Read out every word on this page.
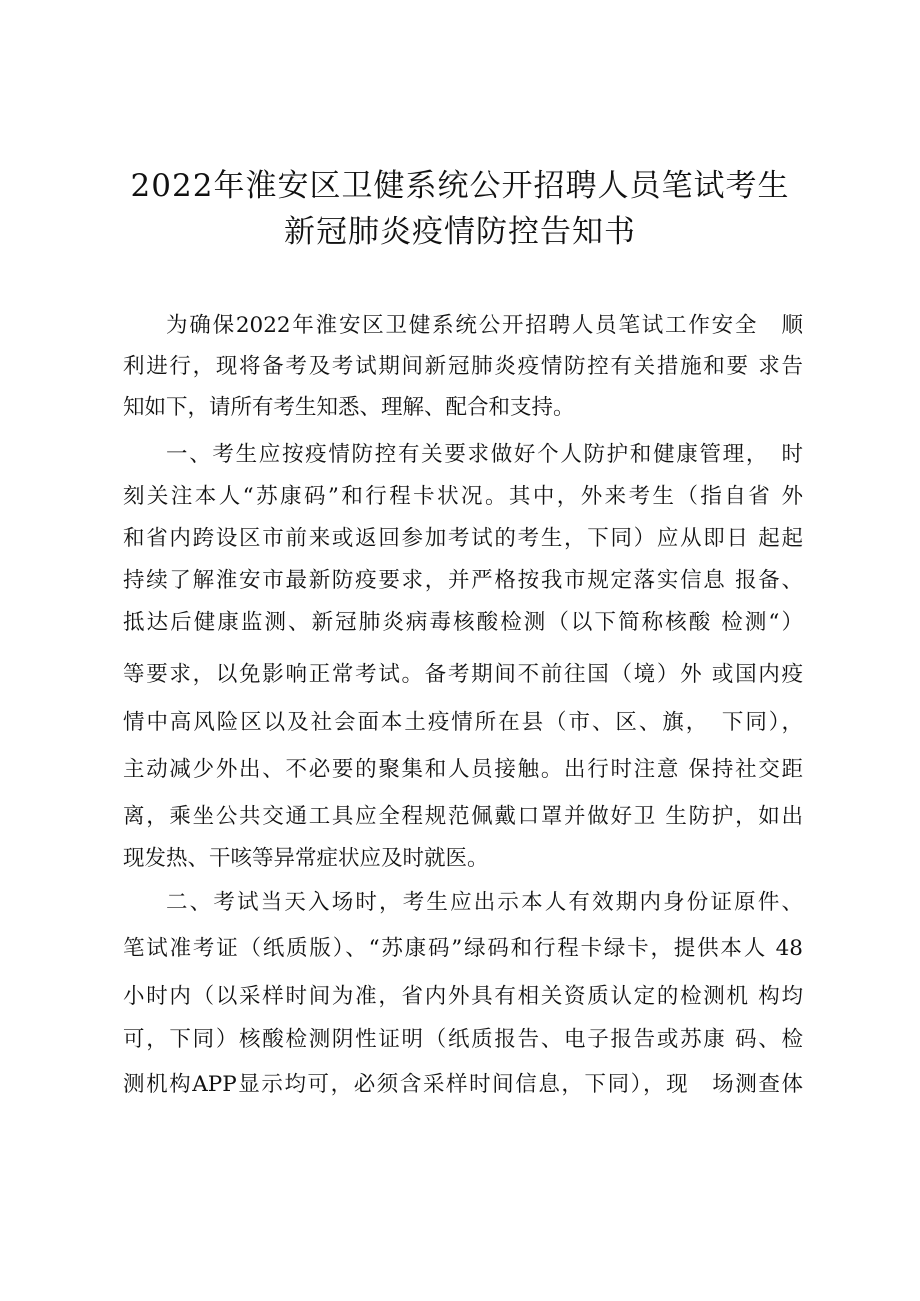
2022年淮安区卫健系统公开招聘人员笔试考生
新冠肺炎疫情防控告知书
为确保2022年淮安区卫健系统公开招聘人员笔试工作安全　顺
利进行，现将备考及考试期间新冠肺炎疫情防控有关措施和要 求告
知如下，请所有考生知悉、理解、配合和支持。
一、考生应按疫情防控有关要求做好个人防护和健康管理，　时
刻关注本人“苏康码”和行程卡状况。其中，外来考生（指自省 外
和省内跨设区市前来或返回参加考试的考生，下同）应从即日 起起
持续了解淮安市最新防疫要求，并严格按我市规定落实信息 报备、
抵达后健康监测、新冠肺炎病毒核酸检测（以下简称核酸 检测“）
等要求，以免影响正常考试。备考期间不前往国（境）外 或国内疫
情中高风险区以及社会面本土疫情所在县（市、区、旗，　下同），
主动减少外出、不必要的聚集和人员接触。出行时注意 保持社交距
离，乘坐公共交通工具应全程规范佩戴口罩并做好卫 生防护，如出
现发热、干咳等异常症状应及时就医。
二、考试当天入场时，考生应出示本人有效期内身份证原件、
笔试准考证（纸质版）、“苏康码”绿码和行程卡绿卡，提供本人 48
小时内（以采样时间为准，省内外具有相关资质认定的检测机 构均
可，下同）核酸检测阴性证明（纸质报告、电子报告或苏康 码、检
测机构APP显示均可，必须含采样时间信息，下同），现　场测查体
